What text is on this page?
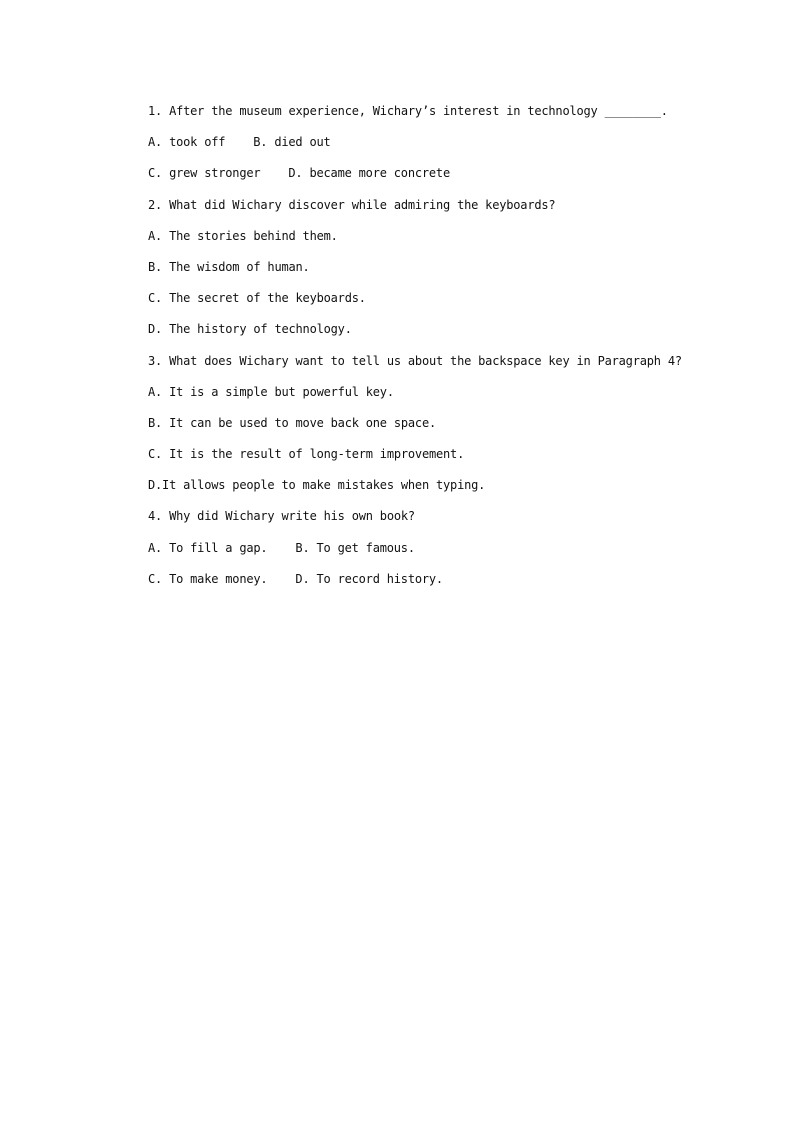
1. After the museum experience, Wichary’s interest in technology ________.
A. took off B. died out
C. grew stronger D. became more concrete
2. What did Wichary discover while admiring the keyboards?
A. The stories behind them.
B. The wisdom of human.
C. The secret of the keyboards.
D. The history of technology.
3. What does Wichary want to tell us about the backspace key in Paragraph 4?
A. It is a simple but powerful key.
B. It can be used to move back one space.
C. It is the result of long-term improvement.
D.It allows people to make mistakes when typing.
4. Why did Wichary write his own book?
A. To fill a gap. B. To get famous.
C. To make money. D. To record history.
